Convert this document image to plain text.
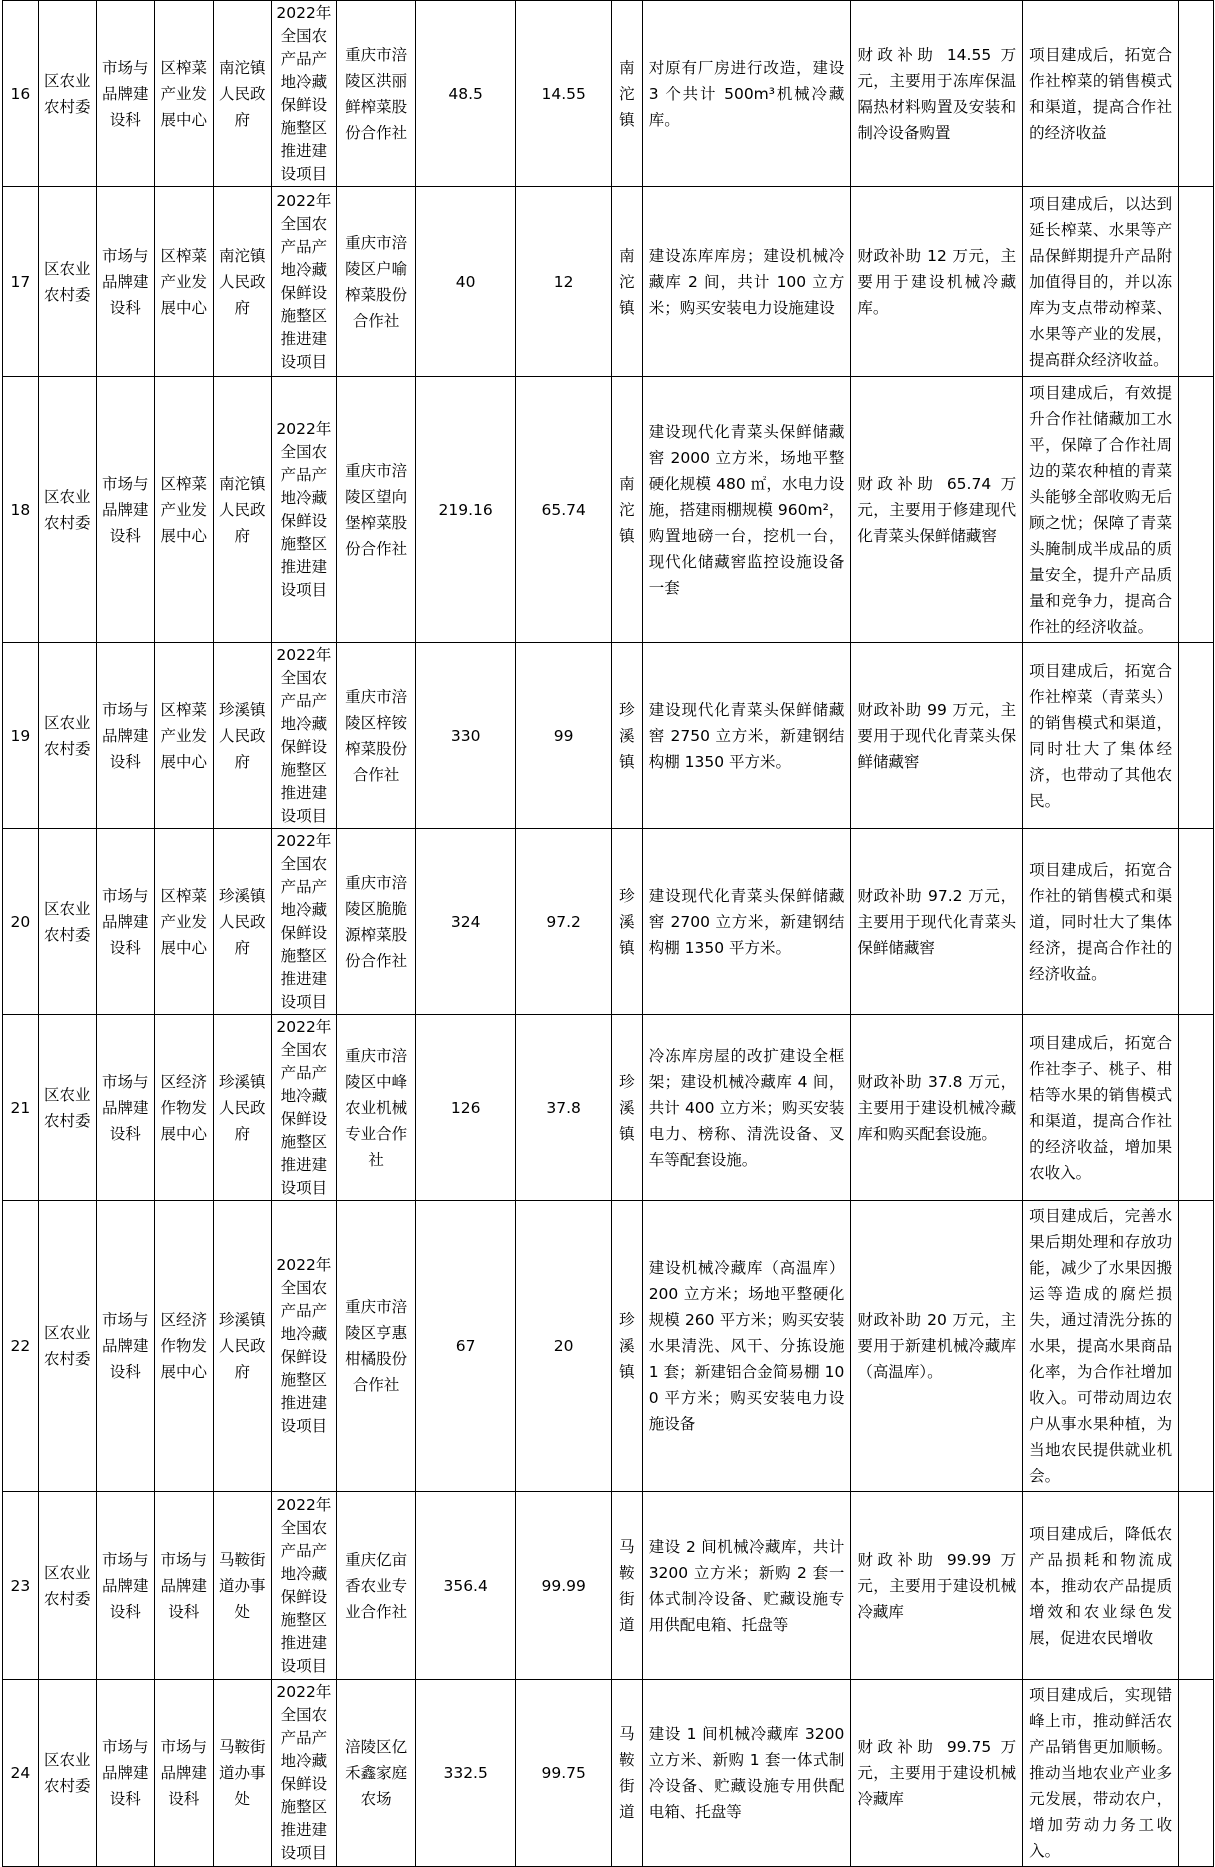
16	区农业农村委	市场与品牌建设科	区榨菜产业发展中心	南沱镇人民政府	2022年全国农产品产地冷藏保鲜设施整区推进建设项目	重庆市涪陵区洪丽鲜榨菜股份合作社	48.5	14.55	南沱镇	对原有厂房进行改造，建设 3 个共计 500m³机械冷藏库。	财政补助 14.55 万元，主要用于冻库保温隔热材料购置及安装和制冷设备购置	项目建成后，拓宽合作社榨菜的销售模式和渠道，提高合作社的经济收益	
17	区农业农村委	市场与品牌建设科	区榨菜产业发展中心	南沱镇人民政府	2022年全国农产品产地冷藏保鲜设施整区推进建设项目	重庆市涪陵区户喻榨菜股份合作社	40	12	南沱镇	建设冻库库房；建设机械冷藏库 2 间，共计 100 立方米；购买安装电力设施建设	财政补助 12 万元，主要用于建设机械冷藏库。	项目建成后，以达到延长榨菜、水果等产品保鲜期提升产品附加值得目的，并以冻库为支点带动榨菜、水果等产业的发展，提高群众经济收益。	
18	区农业农村委	市场与品牌建设科	区榨菜产业发展中心	南沱镇人民政府	2022年全国农产品产地冷藏保鲜设施整区推进建设项目	重庆市涪陵区望向堡榨菜股份合作社	219.16	65.74	南沱镇	建设现代化青菜头保鲜储藏窖 2000 立方米，场地平整硬化规模 480 ㎡，水电力设施，搭建雨棚规模 960m²，购置地磅一台，挖机一台，现代化储藏窖监控设施设备一套	财政补助 65.74 万元，主要用于修建现代化青菜头保鲜储藏窖	项目建成后，有效提升合作社储藏加工水平，保障了合作社周边的菜农种植的青菜头能够全部收购无后顾之忧；保障了青菜头腌制成半成品的质量安全，提升产品质量和竞争力，提高合作社的经济收益。	
19	区农业农村委	市场与品牌建设科	区榨菜产业发展中心	珍溪镇人民政府	2022年全国农产品产地冷藏保鲜设施整区推进建设项目	重庆市涪陵区梓铵榨菜股份合作社	330	99	珍溪镇	建设现代化青菜头保鲜储藏窖 2750 立方米，新建钢结构棚 1350 平方米。	财政补助 99 万元，主要用于现代化青菜头保鲜储藏窖	项目建成后，拓宽合作社榨菜（青菜头）的销售模式和渠道，同时壮大了集体经济，也带动了其他农民。	
20	区农业农村委	市场与品牌建设科	区榨菜产业发展中心	珍溪镇人民政府	2022年全国农产品产地冷藏保鲜设施整区推进建设项目	重庆市涪陵区脆脆源榨菜股份合作社	324	97.2	珍溪镇	建设现代化青菜头保鲜储藏窖 2700 立方米，新建钢结构棚 1350 平方米。	财政补助 97.2 万元，主要用于现代化青菜头保鲜储藏窖	项目建成后，拓宽合作社的销售模式和渠道，同时壮大了集体经济，提高合作社的经济收益。	
21	区农业农村委	市场与品牌建设科	区经济作物发展中心	珍溪镇人民政府	2022年全国农产品产地冷藏保鲜设施整区推进建设项目	重庆市涪陵区中峰农业机械专业合作社	126	37.8	珍溪镇	冷冻库房屋的改扩建设全框架；建设机械冷藏库 4 间，共计 400 立方米；购买安装电力、榜称、清洗设备、叉车等配套设施。	财政补助 37.8 万元，主要用于建设机械冷藏库和购买配套设施。	项目建成后，拓宽合作社李子、桃子、柑桔等水果的销售模式和渠道，提高合作社的经济收益，增加果农收入。	
22	区农业农村委	市场与品牌建设科	区经济作物发展中心	珍溪镇人民政府	2022年全国农产品产地冷藏保鲜设施整区推进建设项目	重庆市涪陵区亨惠柑橘股份合作社	67	20	珍溪镇	建设机械冷藏库（高温库）200 立方米；场地平整硬化规模 260 平方米；购买安装水果清洗、风干、分拣设施 1 套；新建铝合金简易棚 100 平方米；购买安装电力设施设备	财政补助 20 万元，主要用于新建机械冷藏库（高温库）。	项目建成后，完善水果后期处理和存放功能，减少了水果因搬运等造成的腐烂损失，通过清洗分拣的水果，提高水果商品化率，为合作社增加收入。可带动周边农户从事水果种植，为当地农民提供就业机会。	
23	区农业农村委	市场与品牌建设科	市场与品牌建设科	马鞍街道办事处	2022年全国农产品产地冷藏保鲜设施整区推进建设项目	重庆亿亩香农业专业合作社	356.4	99.99	马鞍街道	建设 2 间机械冷藏库，共计 3200 立方米；新购 2 套一体式制冷设备、贮藏设施专用供配电箱、托盘等	财政补助 99.99 万元，主要用于建设机械冷藏库	项目建成后，降低农产品损耗和物流成本，推动农产品提质增效和农业绿色发展，促进农民增收	
24	区农业农村委	市场与品牌建设科	市场与品牌建设科	马鞍街道办事处	2022年全国农产品产地冷藏保鲜设施整区推进建设项目	涪陵区亿禾鑫家庭农场	332.5	99.75	马鞍街道	建设 1 间机械冷藏库 3200 立方米、新购 1 套一体式制冷设备、贮藏设施专用供配电箱、托盘等	财政补助 99.75 万元，主要用于建设机械冷藏库	项目建成后，实现错峰上市，推动鲜活农产品销售更加顺畅。推动当地农业产业多元发展，带动农户，增加劳动力务工收入。	
